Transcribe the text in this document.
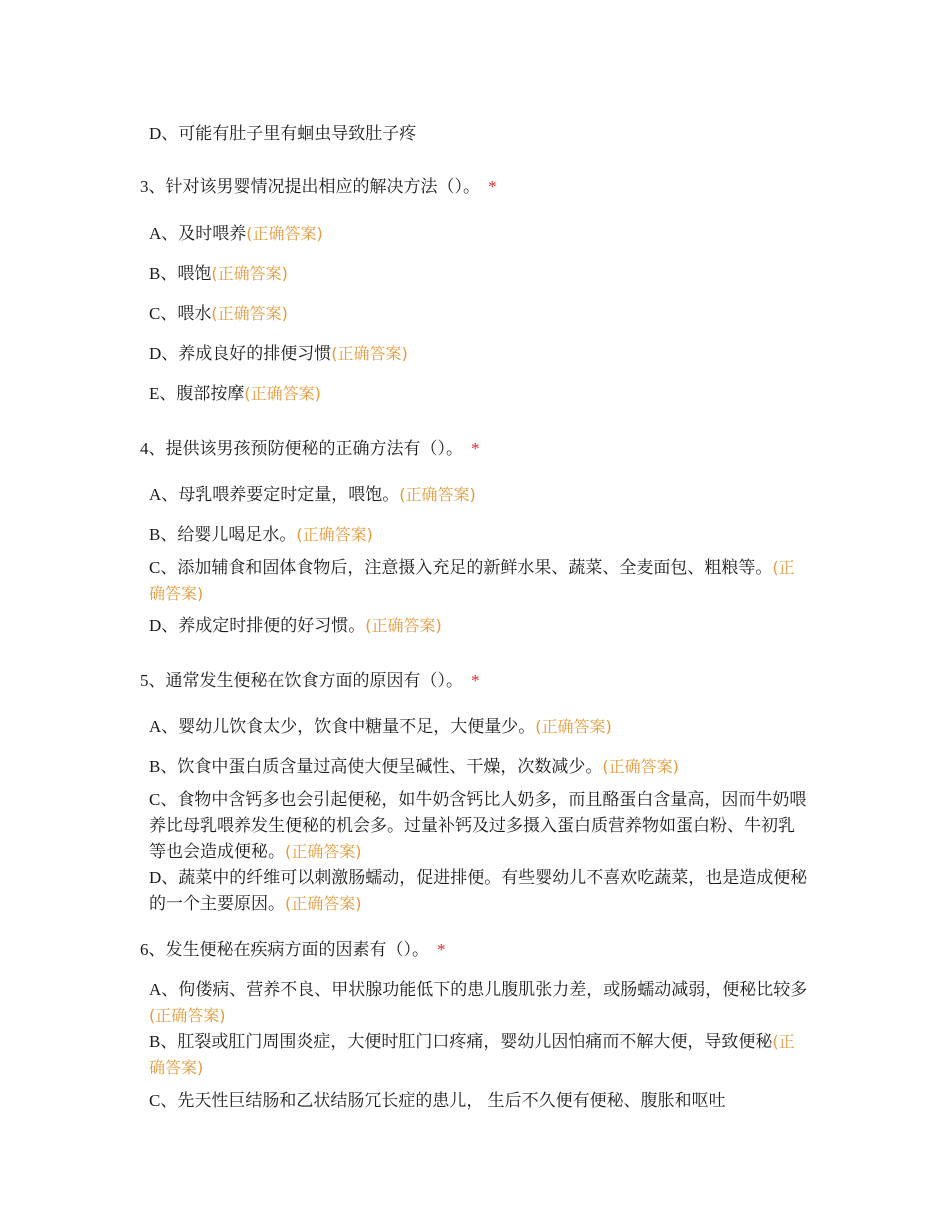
D、可能有肚子里有蛔虫导致肚子疼
3、针对该男婴情况提出相应的解决方法（）。 *
A、及时喂养(正确答案)
B、喂饱(正确答案)
C、喂水(正确答案)
D、养成良好的排便习惯(正确答案)
E、腹部按摩(正确答案)
4、提供该男孩预防便秘的正确方法有（）。 *
A、母乳喂养要定时定量，喂饱。(正确答案)
B、给婴儿喝足水。(正确答案)
C、添加辅食和固体食物后，注意摄入充足的新鲜水果、蔬菜、全麦面包、粗粮等。(正确答案)
D、养成定时排便的好习惯。(正确答案)
5、通常发生便秘在饮食方面的原因有（）。 *
A、婴幼儿饮食太少，饮食中糖量不足，大便量少。(正确答案)
B、饮食中蛋白质含量过高使大便呈碱性、干燥，次数减少。(正确答案)
C、食物中含钙多也会引起便秘，如牛奶含钙比人奶多，而且酪蛋白含量高，因而牛奶喂养比母乳喂养发生便秘的机会多。过量补钙及过多摄入蛋白质营养物如蛋白粉、牛初乳等也会造成便秘。(正确答案)
D、蔬菜中的纤维可以刺激肠蠕动，促进排便。有些婴幼儿不喜欢吃蔬菜，也是造成便秘的一个主要原因。(正确答案)
6、发生便秘在疾病方面的因素有（）。 *
A、佝偻病、营养不良、甲状腺功能低下的患儿腹肌张力差，或肠蠕动减弱，便秘比较多(正确答案)
B、肛裂或肛门周围炎症，大便时肛门口疼痛，婴幼儿因怕痛而不解大便，导致便秘(正确答案)
C、先天性巨结肠和乙状结肠冗长症的患儿， 生后不久便有便秘、腹胀和呕吐
